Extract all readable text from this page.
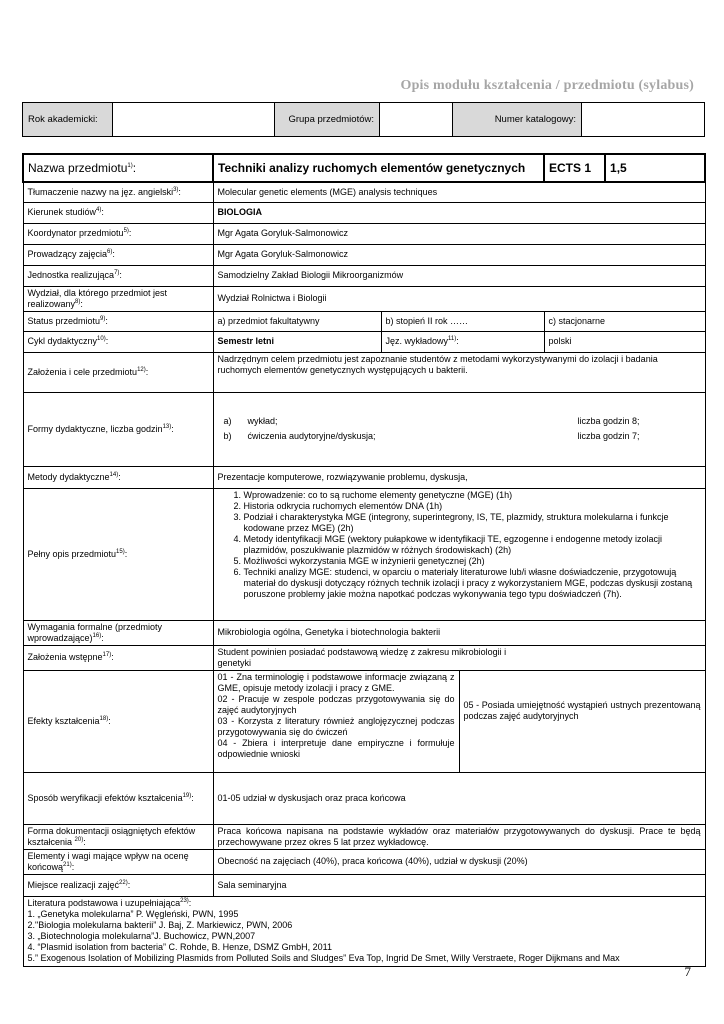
Opis modułu kształcenia / przedmiotu (sylabus)
Rok akademicki:		Grupa przedmiotów:		Numer katalogowy:	
Nazwa przedmiotu$^{1)}$:	Techniki analizy ruchomych elementów genetycznych	ECTS 1	1,5
Tłumaczenie nazwy na jęz. angielski$^{3)}$:	Molecular genetic elements (MGE) analysis techniques
Kierunek studiów$^{4)}$:	BIOLOGIA
Koordynator przedmiotu$^{5)}$:	Mgr Agata Goryluk-Salmonowicz
Prowadzący zajęcia$^{6)}$:	Mgr Agata Goryluk-Salmonowicz
Jednostka realizująca$^{7)}$:	Samodzielny Zakład Biologii Mikroorganizmów
Wydział, dla którego przedmiot jest realizowany$^{8)}$:	Wydział Rolnictwa i Biologii
Status przedmiotu$^{9)}$:	a) przedmiot fakultatywny	b) stopień II rok ……	c) stacjonarne
Cykl dydaktyczny$^{10)}$:	Semestr letni	Jęz. wykładowy$^{11)}$:	polski
Założenia i cele przedmiotu$^{12)}$:	Nadrzędnym celem przedmiotu jest zapoznanie studentów z metodami wykorzystywanymi do izolacji i badania ruchomych elementów genetycznych występujących u bakterii.
Formy dydaktyczne, liczba godzin$^{13)}$:	
a)	wykład;	liczba godzin 8;
b)	ćwiczenia audytoryjne/dyskusja;	liczba godzin 7;

Metody dydaktyczne$^{14)}$:	Prezentacje komputerowe, rozwiązywanie problemu, dyskusja,
Pełny opis przedmiotu$^{15)}$:	
1. Wprowadzenie: co to są ruchome elementy genetyczne (MGE) (1h)
2. Historia odkrycia ruchomych elementów DNA (1h)
3. Podział i charakterystyka MGE (integrony, superintegrony, IS, TE, plazmidy, struktura molekularna i funkcje kodowane przez MGE) (2h)
4. Metody identyfikacji MGE (wektory pułapkowe w identyfikacji TE, egzogenne i endogenne metody izolacji plazmidów, poszukiwanie plazmidów w różnych środowiskach) (2h)
5. Możliwości wykorzystania MGE w inżynierii genetycznej (2h)
6. Techniki analizy MGE: studenci, w oparciu o materiały literaturowe lub/i własne doświadczenie, przygotowują materiał do dyskusji dotyczący różnych technik izolacji i pracy z wykorzystaniem MGE, podczas dyskusji zostaną poruszone problemy jakie można napotkać podczas wykonywania tego typu doświadczeń (7h).

Wymagania formalne (przedmioty wprowadzające)$^{16)}$:	Mikrobiologia ogólna, Genetyka i biotechnologia bakterii
Założenia wstępne$^{17)}$:	Student powinien posiadać podstawową wiedzę z zakresu mikrobiologii i
genetyki
Efekty kształcenia$^{18)}$:	
01 - Zna terminologię i podstawowe informacje związaną z GME, opisuje metody izolacji i pracy z GME.
02 - Pracuje w zespole podczas przygotowywania się do zajęć audytoryjnych
03 - Korzysta z literatury również anglojęzycznej podczas przygotowywania się do ćwiczeń
04 - Zbiera i interpretuje dane empiryczne i formułuje odpowiednie wnioski
	05 - Posiada umiejętność wystąpień ustnych prezentowaną podczas zajęć audytoryjnych
Sposób weryfikacji efektów kształcenia$^{19)}$:	01-05 udział w dyskusjach oraz praca końcowa
Forma dokumentacji osiągniętych efektów kształcenia $^{20)}$:	Praca końcowa napisana na podstawie wykładów oraz materiałów przygotowywanych do dyskusji. Prace te będą przechowywane przez okres 5 lat przez wykładowcę.
Elementy i wagi mające wpływ na ocenę końcową$^{21)}$:	Obecność na zajęciach (40%), praca końcowa (40%), udział w dyskusji (20%)
Miejsce realizacji zajęć$^{22)}$:	Sala seminaryjna

Literatura podstawowa i uzupełniająca$^{23)}$:
1. „Genetyka molekularna” P. Węgleński, PWN, 1995
2."Biologia molekularna bakterii” J. Baj, Z. Markiewicz, PWN, 2006
3. „Biotechnologia molekularna”J. Buchowicz, PWN,2007
4. “Plasmid isolation from bacteria” C. Rohde, B. Henze, DSMZ GmbH, 2011
5.” Exogenous Isolation of Mobilizing Plasmids from Polluted Soils and Sludges” Eva Top, Ingrid De Smet, Willy Verstraete, Roger Dijkmans and Max
7
